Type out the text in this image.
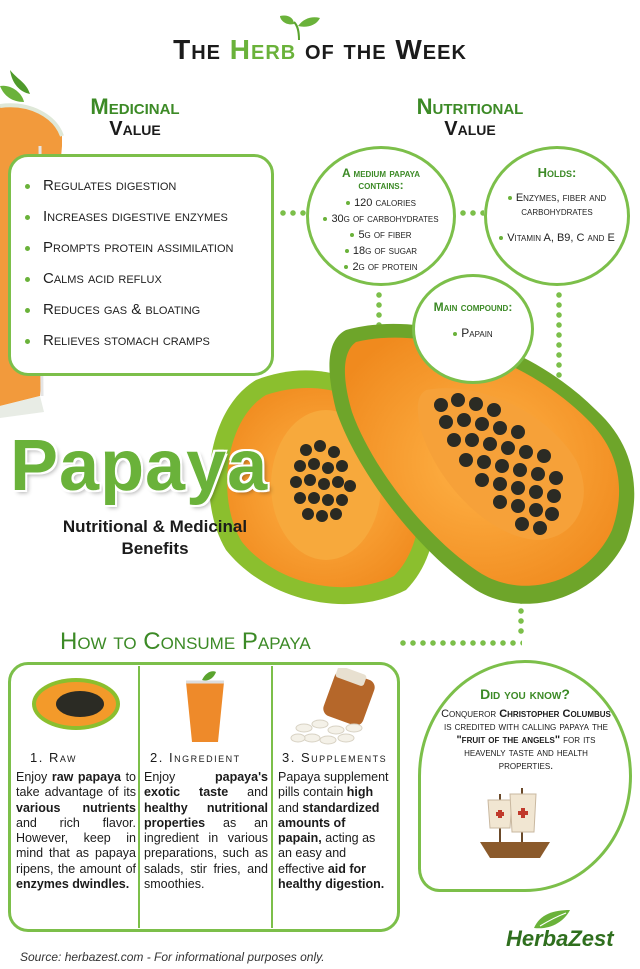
The Herb of the Week
Medicinal
Value
Nutritional
Value
Regulates digestion
Increases digestive enzymes
Prompts protein assimilation
Calms acid reflux
Reduces gas & bloating
Relieves stomach cramps
A medium papaya contains:
120 calories
30g of carbohydrates
5g of fiber
18g of sugar
2g of protein
Holds:
Enzymes, fiber and carbohydrates
Vitamin A, B9, C and E
Main compound:
Papain
Papaya
Nutritional & Medicinal
Benefits
How to Consume Papaya
1. Raw	2. Ingredient	3. Supplements
Enjoy raw papaya to take advantage of its various nutrients and rich flavor. However, keep in mind that as papaya ripens, the amount of enzymes dwindles.
Enjoy papaya's exotic taste and healthy nutritional properties as an ingredient in various preparations, such as salads, stir fries, and smoothies.
Papaya supplement pills contain high and standardized amounts of papain, acting as an easy and effective aid for healthy digestion.
Did you know?
Conqueror Christopher Columbus is credited with calling papaya the "fruit of the angels" for its heavenly taste and health properties.
Source: herbazest.com - For informational purposes only.
HerbaZest
